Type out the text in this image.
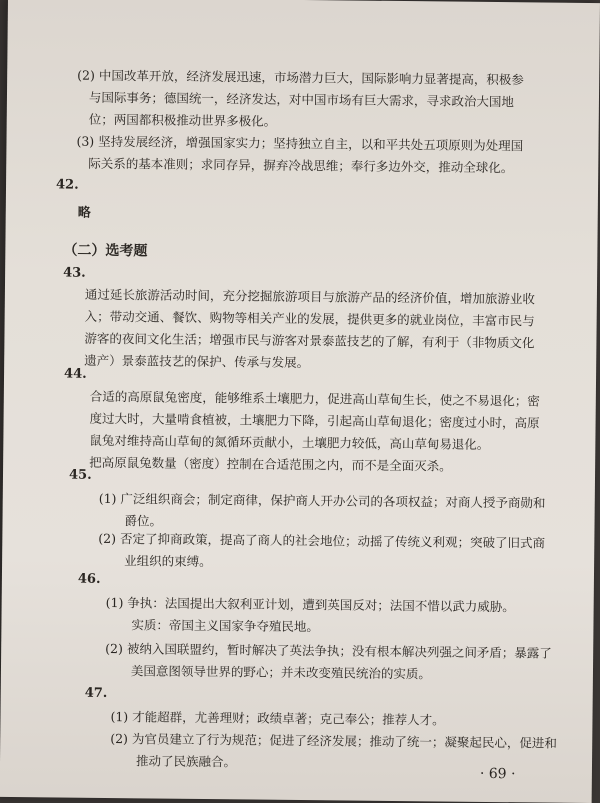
(2) 中国改革开放，经济发展迅速，市场潜力巨大，国际影响力显著提高，积极参

与国际事务；德国统一，经济发达，对中国市场有巨大需求，寻求政治大国地

位；两国都积极推动世界多极化。

(3) 坚持发展经济，增强国家实力；坚持独立自主，以和平共处五项原则为处理国

际关系的基本准则；求同存异，摒弃冷战思维；奉行多边外交，推动全球化。

42.
略
（二）选考题
43.

通过延长旅游活动时间，充分挖掘旅游项目与旅游产品的经济价值，增加旅游业收

入；带动交通、餐饮、购物等相关产业的发展，提供更多的就业岗位，丰富市民与

游客的夜间文化生活；增强市民与游客对景泰蓝技艺的了解，有利于（非物质文化

遗产）景泰蓝技艺的保护、传承与发展。

44.

合适的高原鼠兔密度，能够维系土壤肥力，促进高山草甸生长，使之不易退化；密

度过大时，大量啃食植被，土壤肥力下降，引起高山草甸退化；密度过小时，高原

鼠兔对维持高山草甸的氮循环贡献小，土壤肥力较低，高山草甸易退化。

把高原鼠兔数量（密度）控制在合适范围之内，而不是全面灭杀。

45.

(1) 广泛组织商会；制定商律，保护商人开办公司的各项权益；对商人授予商勋和

爵位。

(2) 否定了抑商政策，提高了商人的社会地位；动摇了传统义利观；突破了旧式商

业组织的束缚。

46.

(1) 争执：法国提出大叙利亚计划，遭到英国反对；法国不惜以武力威胁。

实质：帝国主义国家争夺殖民地。

(2) 被纳入国联盟约，暂时解决了英法争执；没有根本解决列强之间矛盾；暴露了

美国意图领导世界的野心；并未改变殖民统治的实质。

47.

(1) 才能超群，尤善理财；政绩卓著；克己奉公；推荐人才。

(2) 为官员建立了行为规范；促进了经济发展；推动了统一；凝聚起民心，促进和

推动了民族融合。

· 69 ·
